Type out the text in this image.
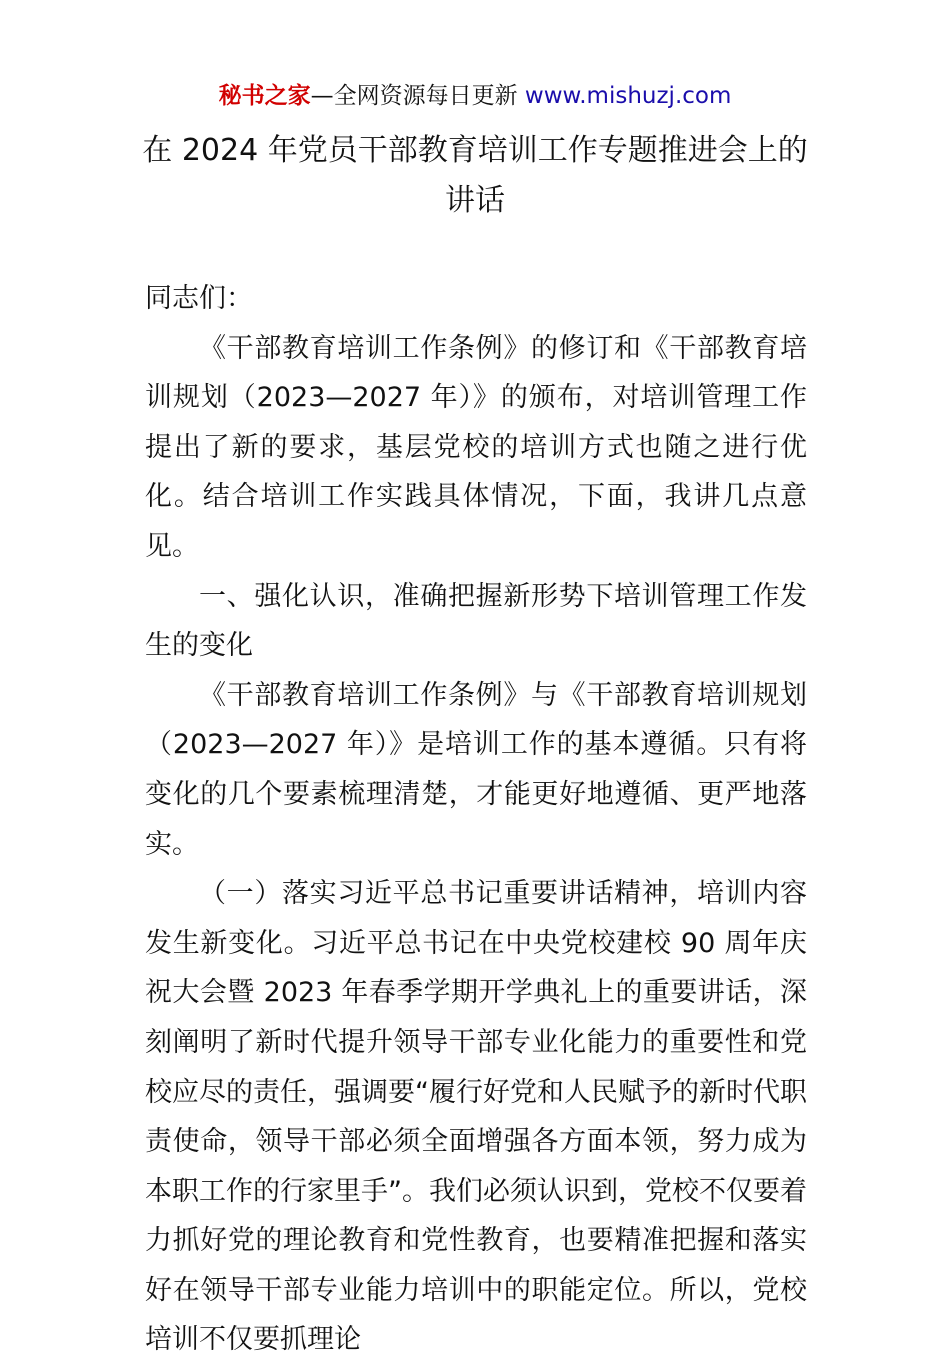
秘书之家—全网资源每日更新 www.mishuzj.com
在 2024 年党员干部教育培训工作专题推进会上的讲话

同志们：

《干部教育培训工作条例》的修订和《干部教育培训规划（2023—2027 年）》的颁布，对培训管理工作提出了新的要求，基层党校的培训方式也随之进行优化。结合培训工作实践具体情况，下面，我讲几点意见。

一、强化认识，准确把握新形势下培训管理工作发生的变化

《干部教育培训工作条例》与《干部教育培训规划（2023—2027 年）》是培训工作的基本遵循。只有将变化的几个要素梳理清楚，才能更好地遵循、更严地落实。

（一）落实习近平总书记重要讲话精神，培训内容发生新变化。习近平总书记在中央党校建校 90 周年庆祝大会暨 2023 年春季学期开学典礼上的重要讲话，深刻阐明了新时代提升领导干部专业化能力的重要性和党校应尽的责任，强调要“履行好党和人民赋予的新时代职责使命，领导干部必须全面增强各方面本领，努力成为本职工作的行家里手”。我们必须认识到，党校不仅要着力抓好党的理论教育和党性教育，也要精准把握和落实好在领导干部专业能力培训中的职能定位。所以，党校培训不仅要抓理论
